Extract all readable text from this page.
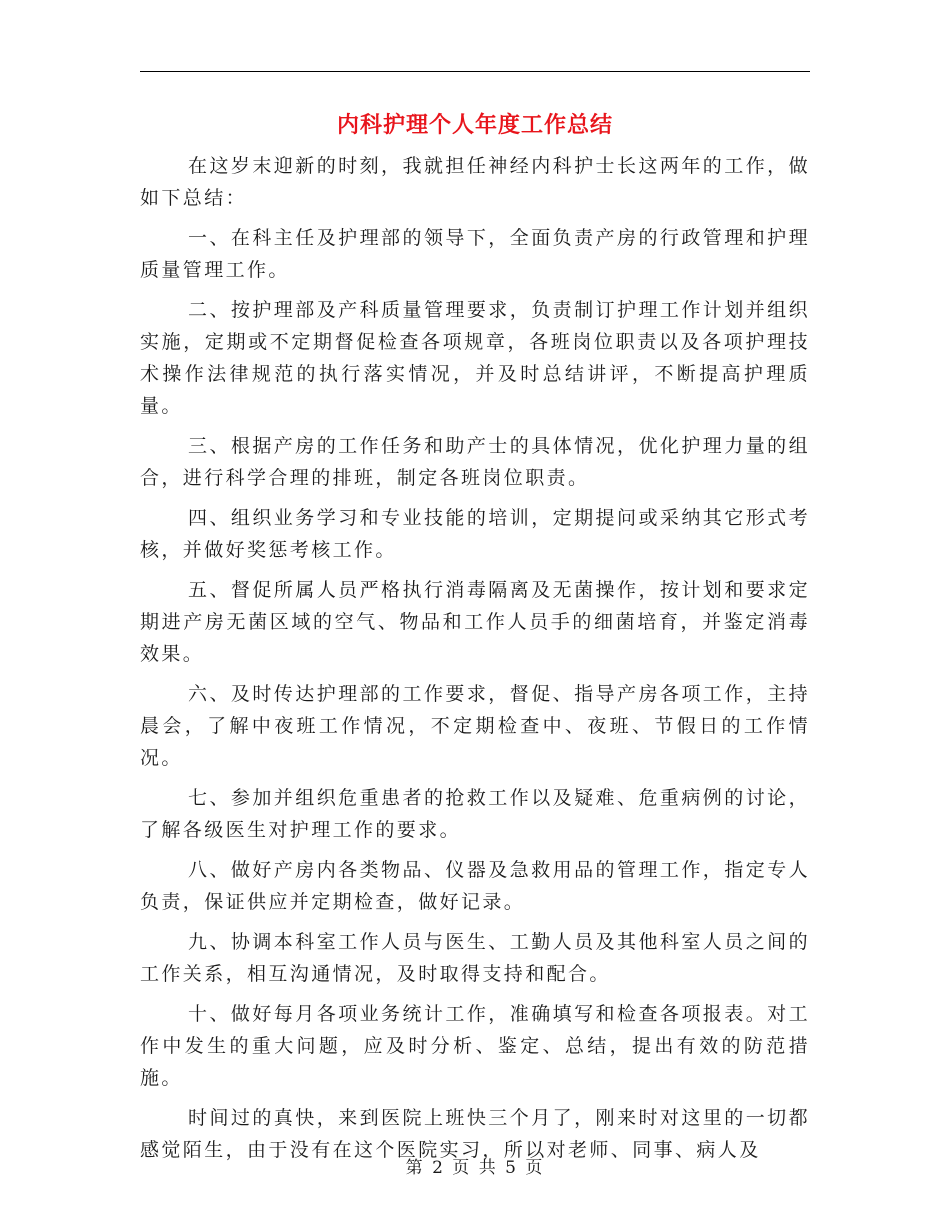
内科护理个人年度工作总结

在这岁末迎新的时刻，我就担任神经内科护士长这两年的工作，做如下总结：

一、在科主任及护理部的领导下，全面负责产房的行政管理和护理质量管理工作。

二、按护理部及产科质量管理要求，负责制订护理工作计划并组织实施，定期或不定期督促检查各项规章，各班岗位职责以及各项护理技术操作法律规范的执行落实情况，并及时总结讲评，不断提高护理质量。

三、根据产房的工作任务和助产士的具体情况，优化护理力量的组合，进行科学合理的排班，制定各班岗位职责。

四、组织业务学习和专业技能的培训，定期提问或采纳其它形式考核，并做好奖惩考核工作。

五、督促所属人员严格执行消毒隔离及无菌操作，按计划和要求定期进产房无菌区域的空气、物品和工作人员手的细菌培育，并鉴定消毒效果。

六、及时传达护理部的工作要求，督促、指导产房各项工作，主持晨会，了解中夜班工作情况，不定期检查中、夜班、节假日的工作情况。

七、参加并组织危重患者的抢救工作以及疑难、危重病例的讨论，了解各级医生对护理工作的要求。

八、做好产房内各类物品、仪器及急救用品的管理工作，指定专人负责，保证供应并定期检查，做好记录。

九、协调本科室工作人员与医生、工勤人员及其他科室人员之间的工作关系，相互沟通情况，及时取得支持和配合。

十、做好每月各项业务统计工作，准确填写和检查各项报表。对工作中发生的重大问题，应及时分析、鉴定、总结，提出有效的防范措施。

时间过的真快，来到医院上班快三个月了，刚来时对这里的一切都感觉陌生，由于没有在这个医院实习，所以对老师、同事、病人及

第 2 页 共 5 页
